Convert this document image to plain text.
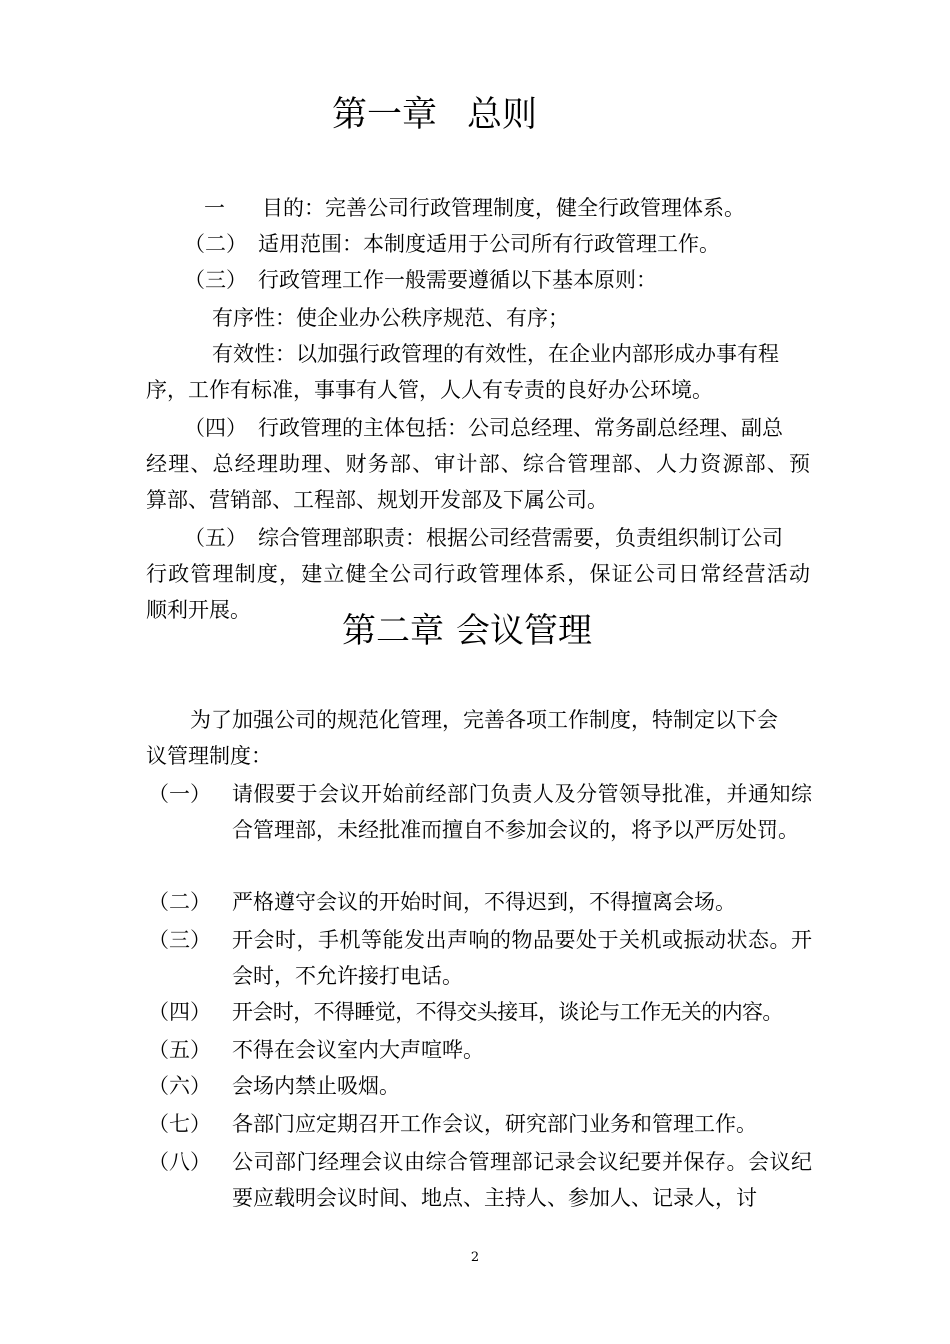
第一章 总则

一 目的：完善公司行政管理制度，健全行政管理体系。

（二） 适用范围：本制度适用于公司所有行政管理工作。

（三） 行政管理工作一般需要遵循以下基本原则：

有序性：使企业办公秩序规范、有序；

有效性：以加强行政管理的有效性，在企业内部形成办事有程

序，工作有标准，事事有人管，人人有专责的良好办公环境。

（四） 行政管理的主体包括：公司总经理、常务副总经理、副总

经理、总经理助理、财务部、审计部、综合管理部、人力资源部、预

算部、营销部、工程部、规划开发部及下属公司。

（五） 综合管理部职责：根据公司经营需要，负责组织制订公司

行政管理制度，建立健全公司行政管理体系，保证公司日常经营活动

顺利开展。

第二章 会议管理

为了加强公司的规范化管理，完善各项工作制度，特制定以下会

议管理制度：

（一） 请假要于会议开始前经部门负责人及分管领导批准，并通知综合管理部，未经批准而擅自不参加会议的，将予以严厉处罚。
（二） 严格遵守会议的开始时间，不得迟到，不得擅离会场。
（三） 开会时，手机等能发出声响的物品要处于关机或振动状态。开会时，不允许接打电话。
（四） 开会时，不得睡觉，不得交头接耳，谈论与工作无关的内容。
（五） 不得在会议室内大声喧哗。
（六） 会场内禁止吸烟。
（七） 各部门应定期召开工作会议，研究部门业务和管理工作。
（八） 公司部门经理会议由综合管理部记录会议纪要并保存。会议纪要应载明会议时间、地点、主持人、参加人、记录人，讨
2
